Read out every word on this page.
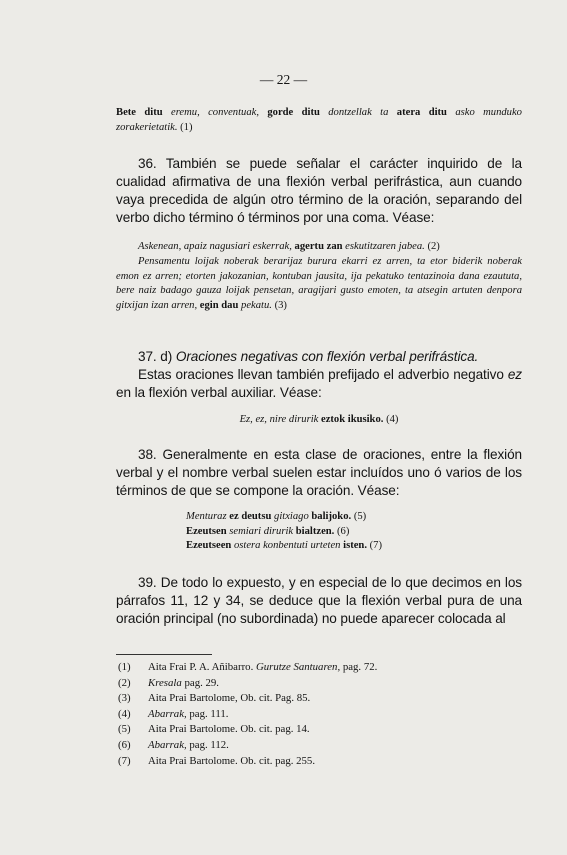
— 22 —

Bete ditu eremu, conventuak, gorde ditu dontzellak ta atera ditu asko munduko zorakerietatik. (1)

36. También se puede señalar el carácter inquirido de la cualidad afirmativa de una flexión verbal perifrástica, aun cuando vaya precedida de algún otro término de la oración, separando del verbo dicho término ó términos por una coma. Véase:

Askenean, apaiz nagusiari eskerrak, agertu zan eskutitzaren jabea. (2)

Pensamentu loijak noberak berarijaz burura ekarri ez arren, ta etor biderik noberak emon ez arren; etorten jakozanian, kontuban jausita, ija pekatuko tentazinoia dana ezaututa, bere naiz badago gauza loijak pensetan, aragijari gusto emoten, ta atsegin artuten denpora gitxijan izan arren, egin dau pekatu. (3)

37. d) Oraciones negativas con flexión verbal perifrástica.

Estas oraciones llevan también prefijado el adverbio negativo ez en la flexión verbal auxiliar. Véase:

Ez, ez, nire dirurik eztok ikusiko. (4)

38. Generalmente en esta clase de oraciones, entre la flexión verbal y el nombre verbal suelen estar incluídos uno ó varios de los términos de que se compone la oración. Véase:

Menturaz ez deutsu gitxiago balijoko. (5)
Ezeutsen semiari dirurik bialtzen. (6)
Ezeutseen ostera konbentuti urteten isten. (7)

39. De todo lo expuesto, y en especial de lo que decimos en los párrafos 11, 12 y 34, se deduce que la flexión verbal pura de una oración principal (no subordinada) no puede aparecer colocada al

(1) Aita Frai P. A. Añibarro. Gurutze Santuaren, pag. 72.
(2) Kresala pag. 29.
(3) Aita Prai Bartolome, Ob. cit. Pag. 85.
(4) Abarrak, pag. 111.
(5) Aita Prai Bartolome. Ob. cit. pag. 14.
(6) Abarrak, pag. 112.
(7) Aita Prai Bartolome. Ob. cit. pag. 255.
